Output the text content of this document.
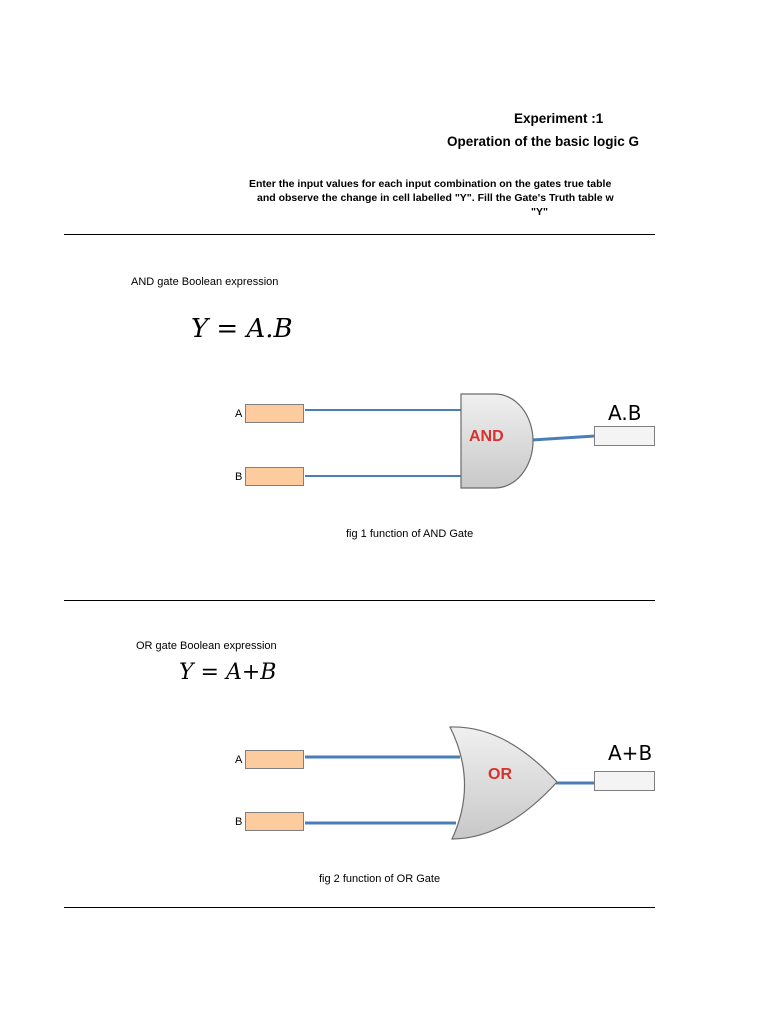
Experiment :1
Operation of the basic logic G
Enter the input values for each input combination on the gates true table
and observe the change in cell labelled "Y". Fill the Gate's Truth table w
"Y"
AND gate Boolean expression
Y = A.B
AND
OR
A
B
A.B
fig 1 function of AND Gate
OR gate Boolean expression
Y = A+B
A
B
A+B
fig 2 function of OR Gate
